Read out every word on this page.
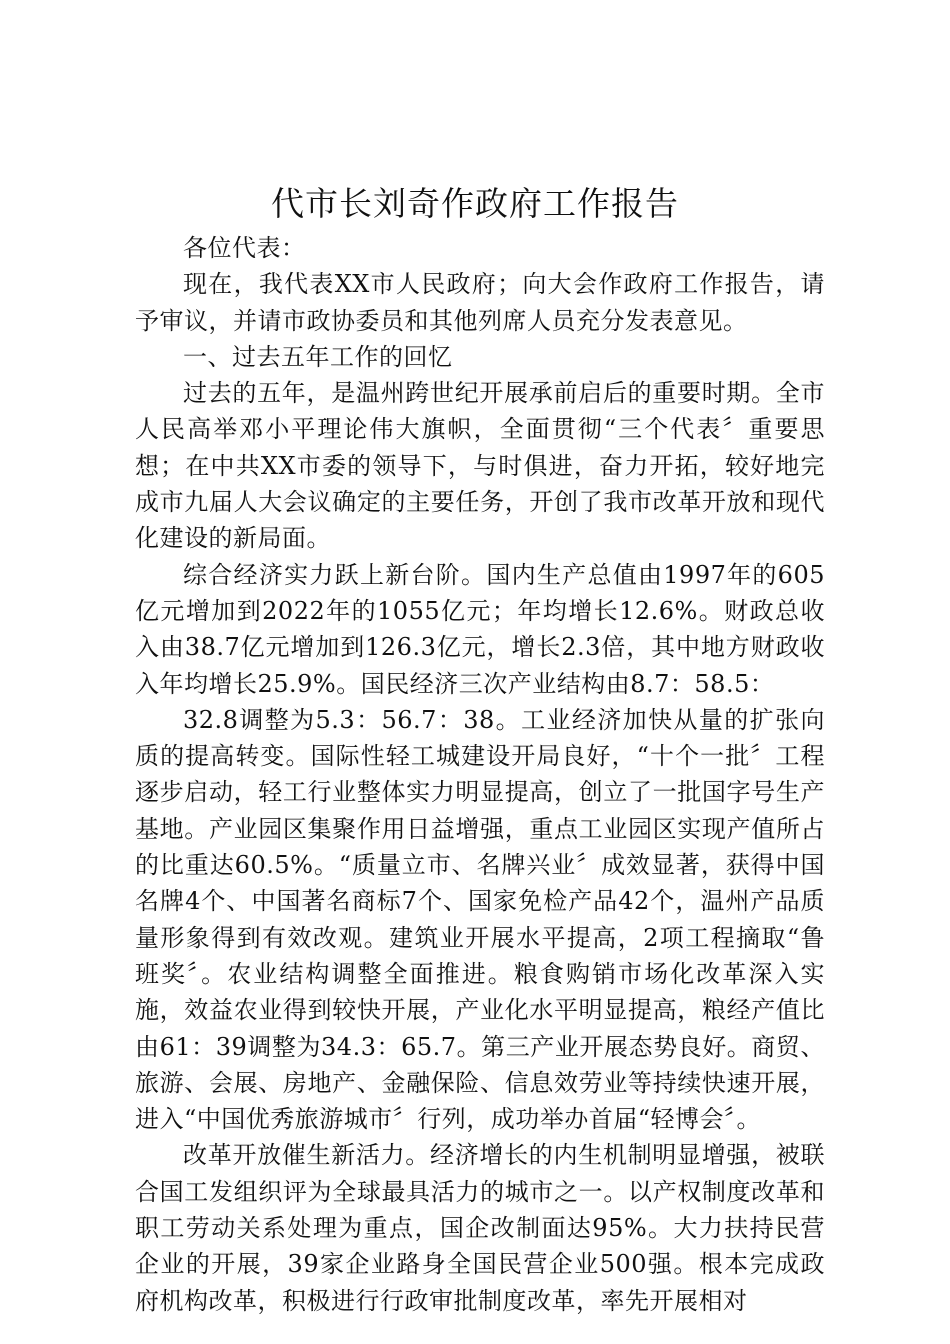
代市长刘奇作政府工作报告

各位代表：

现在，我代表XX市人民政府；向大会作政府工作报告，请予审议，并请市政协委员和其他列席人员充分发表意见。

一、过去五年工作的回忆

过去的五年，是温州跨世纪开展承前启后的重要时期。全市人民高举邓小平理论伟大旗帜，全面贯彻“三个代表〞重要思想；在中共XX市委的领导下，与时俱进，奋力开拓，较好地完成市九届人大会议确定的主要任务，开创了我市改革开放和现代化建设的新局面。

综合经济实力跃上新台阶。国内生产总值由1997年的605亿元增加到2022年的1055亿元；年均增长12.6%。财政总收入由38.7亿元增加到126.3亿元，增长2.3倍，其中地方财政收入年均增长25.9%。国民经济三次产业结构由8.7：58.5：

32.8调整为5.3：56.7：38。工业经济加快从量的扩张向质的提高转变。国际性轻工城建设开局良好，“十个一批〞工程逐步启动，轻工行业整体实力明显提高，创立了一批国字号生产基地。产业园区集聚作用日益增强，重点工业园区实现产值所占的比重达60.5%。“质量立市、名牌兴业〞成效显著，获得中国名牌4个、中国著名商标7个、国家免检产品42个，温州产品质量形象得到有效改观。建筑业开展水平提高，2项工程摘取“鲁班奖〞。农业结构调整全面推进。粮食购销市场化改革深入实施，效益农业得到较快开展，产业化水平明显提高，粮经产值比由61：39调整为34.3：65.7。第三产业开展态势良好。商贸、旅游、会展、房地产、金融保险、信息效劳业等持续快速开展，进入“中国优秀旅游城市〞行列，成功举办首届“轻博会〞。

改革开放催生新活力。经济增长的内生机制明显增强，被联合国工发组织评为全球最具活力的城市之一。以产权制度改革和职工劳动关系处理为重点，国企改制面达95%。大力扶持民营企业的开展，39家企业路身全国民营企业500强。根本完成政府机构改革，积极进行行政审批制度改革，率先开展相对
